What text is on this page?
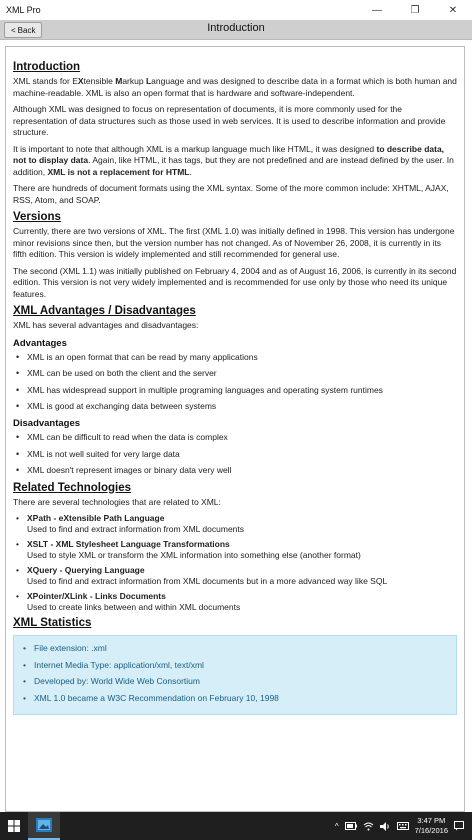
XML Pro	—	❐	✕
< Back	Introduction
Introduction

XML stands for EXtensible Markup Language and was designed to describe data in a format which is both human and machine-readable. XML is also an open format that is hardware and software-independent.

Although XML was designed to focus on representation of documents, it is more commonly used for the representation of data structures such as those used in web services. It is used to describe information and provide structure.

It is important to note that although XML is a markup language much like HTML, it was designed to describe data, not to display data. Again, like HTML, it has tags, but they are not predefined and are instead defined by the user. In addition, XML is not a replacement for HTML.

There are hundreds of document formats using the XML syntax. Some of the more common include: XHTML, AJAX, RSS, Atom, and SOAP.

Versions

Currently, there are two versions of XML. The first (XML 1.0) was initially defined in 1998. This version has undergone minor revisions since then, but the version number has not changed. As of November 26, 2008, it is currently in its fifth edition. This version is widely implemented and still recommended for general use.

The second (XML 1.1) was initially published on February 4, 2004 and as of August 16, 2006, is currently in its second edition. This version is not very widely implemented and is recommended for use only by those who need its unique features.

XML Advantages / Disadvantages

XML has several advantages and disadvantages:

Advantages
• XML is an open format that can be read by many applications
• XML can be used on both the client and the server
• XML has widespread support in multiple programing languages and operating system runtimes
• XML is good at exchanging data between systems
Disadvantages
• XML can be difficult to read when the data is complex
• XML is not well suited for very large data
• XML doesn't represent images or binary data very well
Related Technologies

There are several technologies that are related to XML:

• XPath - eXtensible Path Language
Used to find and extract information from XML documents
• XSLT - XML Stylesheet Language Transformations
Used to style XML or transform the XML information into something else (another format)
• XQuery - Querying Language
Used to find and extract information from XML documents but in a more advanced way like SQL
• XPointer/XLink - Links Documents
Used to create links between and within XML documents
XML Statistics
• File extension: .xml
• Internet Media Type: application/xml, text/xml
• Developed by: World Wide Web Consortium
• XML 1.0 became a W3C Recommendation on February 10, 1998
^
3:47 PM
7/16/2016
